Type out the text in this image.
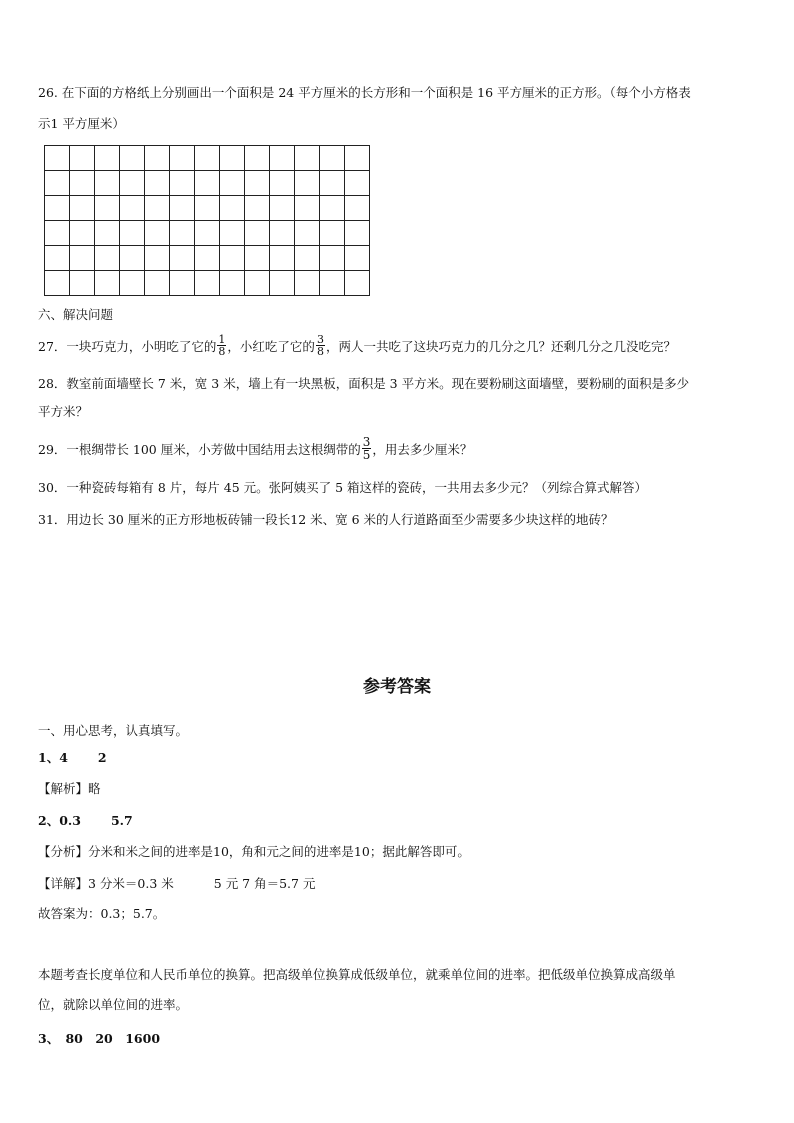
26. 在下面的方格纸上分别画出一个面积是 24 平方厘米的长方形和一个面积是 16 平方厘米的正方形。（每个小方格表
示1 平方厘米）

六、解决问题
27．一块巧克力，小明吃了它的 $\frac{1}{8}$ ，小红吃了它的 $\frac{3}{8}$ ，两人一共吃了这块巧克力的几分之几？还剩几分之几没吃完？
28．教室前面墙壁长 7 米，宽 3 米，墙上有一块黑板，面积是 3 平方米。现在要粉刷这面墙壁，要粉刷的面积是多少
平方米？
29．一根绸带长 100 厘米，小芳做中国结用去这根绸带的 $\frac{3}{5}$ ，用去多少厘米？
30．一种瓷砖每箱有 8 片，每片 45 元。张阿姨买了 5 箱这样的瓷砖，一共用去多少元？（列综合算式解答）
31．用边长 30 厘米的正方形地板砖铺一段长12 米、宽 6 米的人行道路面至少需要多少块这样的地砖？
参考答案
一、用心思考，认真填写。
1、4 2
【解析】略
2、0.3 5.7
【分析】分米和米之间的进率是10，角和元之间的进率是10；据此解答即可。
【详解】3 分米＝0.3 米	5 元 7 角＝5.7 元
故答案为：0.3；5.7。
本题考查长度单位和人民币单位的换算。把高级单位换算成低级单位，就乘单位间的进率。把低级单位换算成高级单
位，就除以单位间的进率。
3、　80　20　1600
